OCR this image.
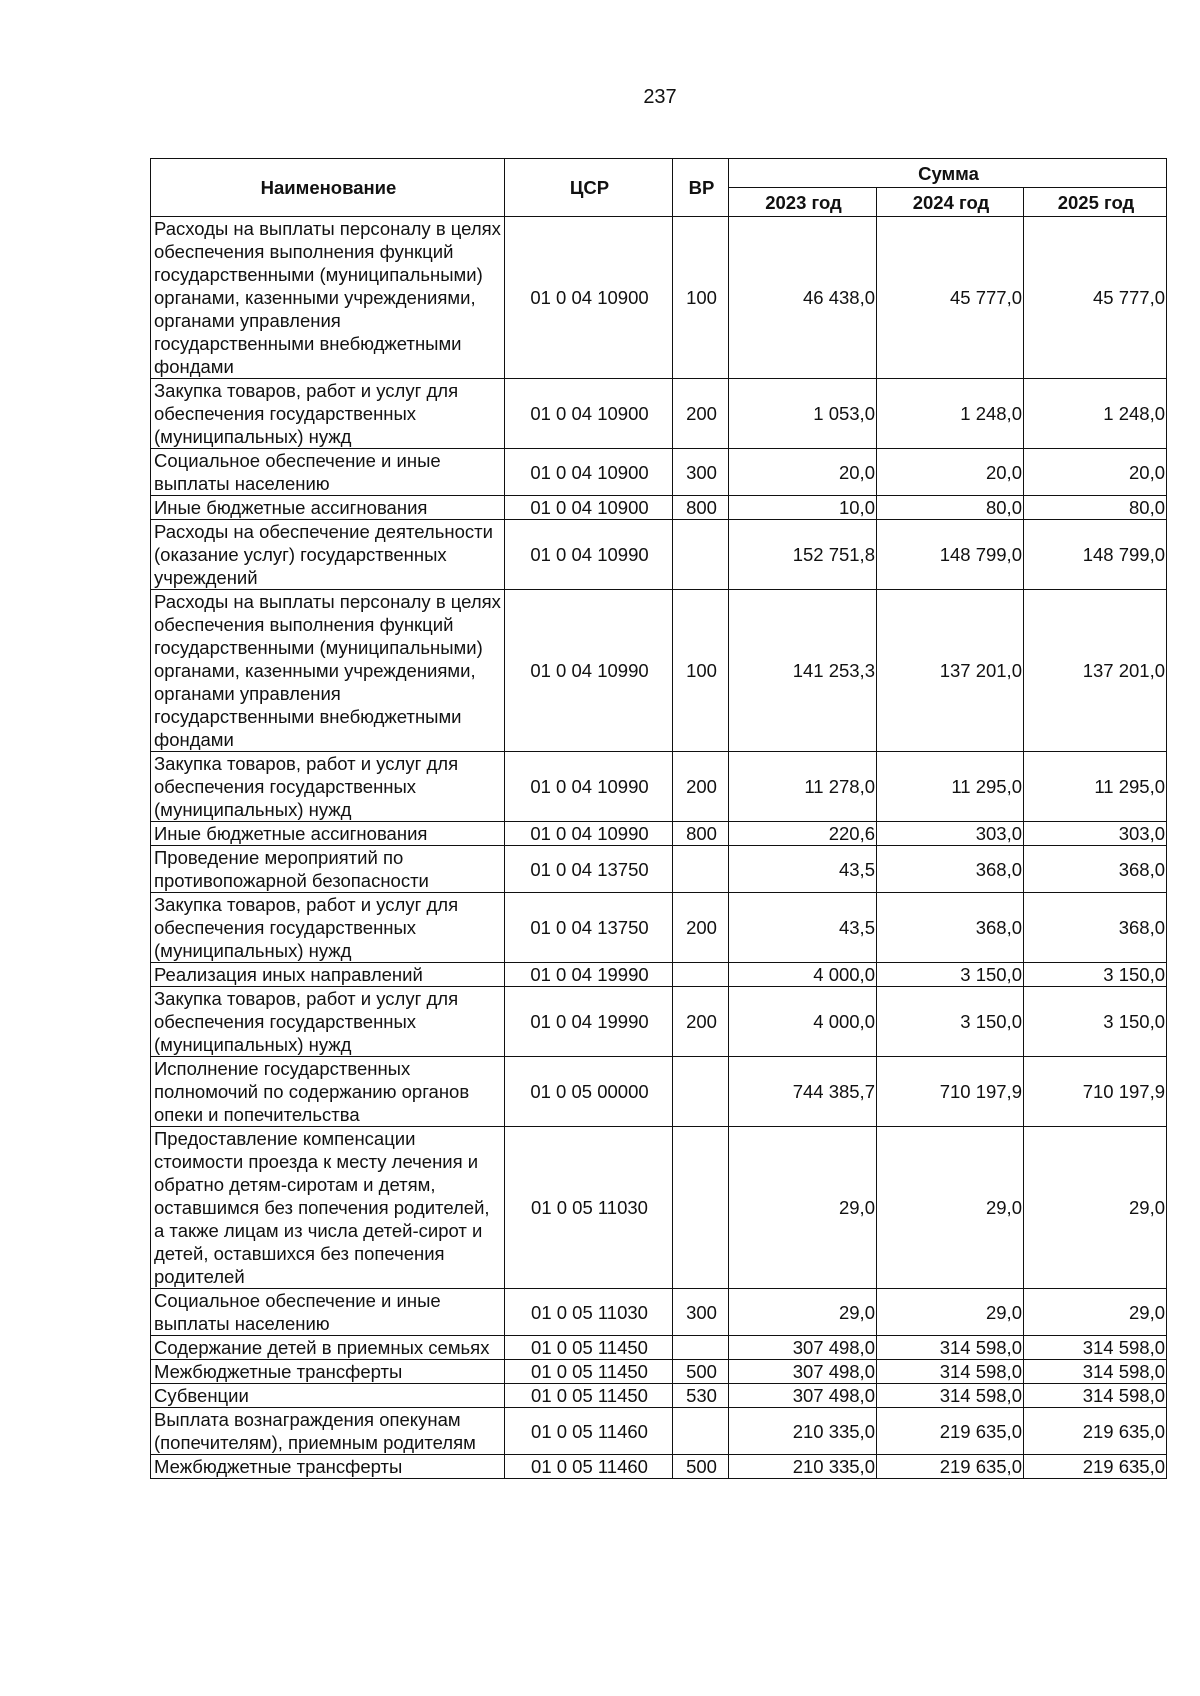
237
Наименование	ЦСР	ВР	Сумма		
			2023 год	2024 год	2025 год
Расходы на выплаты персоналу в целях обеспечения выполнения функций государственными (муниципальными) органами, казенными учреждениями, органами управления государственными внебюджетными фондами	01 0 04 10900	100	46 438,0	45 777,0	45 777,0
Закупка товаров, работ и услуг для обеспечения государственных (муниципальных) нужд	01 0 04 10900	200	1 053,0	1 248,0	1 248,0
Социальное обеспечение и иные выплаты населению	01 0 04 10900	300	20,0	20,0	20,0
Иные бюджетные ассигнования	01 0 04 10900	800	10,0	80,0	80,0
Расходы на обеспечение деятельности (оказание услуг) государственных учреждений	01 0 04 10990		152 751,8	148 799,0	148 799,0
Расходы на выплаты персоналу в целях обеспечения выполнения функций государственными (муниципальными) органами, казенными учреждениями, органами управления государственными внебюджетными фондами	01 0 04 10990	100	141 253,3	137 201,0	137 201,0
Закупка товаров, работ и услуг для обеспечения государственных (муниципальных) нужд	01 0 04 10990	200	11 278,0	11 295,0	11 295,0
Иные бюджетные ассигнования	01 0 04 10990	800	220,6	303,0	303,0
Проведение мероприятий по противопожарной безопасности	01 0 04 13750		43,5	368,0	368,0
Закупка товаров, работ и услуг для обеспечения государственных (муниципальных) нужд	01 0 04 13750	200	43,5	368,0	368,0
Реализация иных направлений	01 0 04 19990		4 000,0	3 150,0	3 150,0
Закупка товаров, работ и услуг для обеспечения государственных (муниципальных) нужд	01 0 04 19990	200	4 000,0	3 150,0	3 150,0
Исполнение государственных полномочий по содержанию органов опеки и попечительства	01 0 05 00000		744 385,7	710 197,9	710 197,9
Предоставление компенсации стоимости проезда к месту лечения и обратно детям-сиротам и детям, оставшимся без попечения родителей, а также лицам из числа детей-сирот и детей, оставшихся без попечения родителей	01 0 05 11030		29,0	29,0	29,0
Социальное обеспечение и иные выплаты населению	01 0 05 11030	300	29,0	29,0	29,0
Содержание детей в приемных семьях	01 0 05 11450		307 498,0	314 598,0	314 598,0
Межбюджетные трансферты	01 0 05 11450	500	307 498,0	314 598,0	314 598,0
Субвенции	01 0 05 11450	530	307 498,0	314 598,0	314 598,0
Выплата вознаграждения опекунам (попечителям), приемным родителям	01 0 05 11460		210 335,0	219 635,0	219 635,0
Межбюджетные трансферты	01 0 05 11460	500	210 335,0	219 635,0	219 635,0
